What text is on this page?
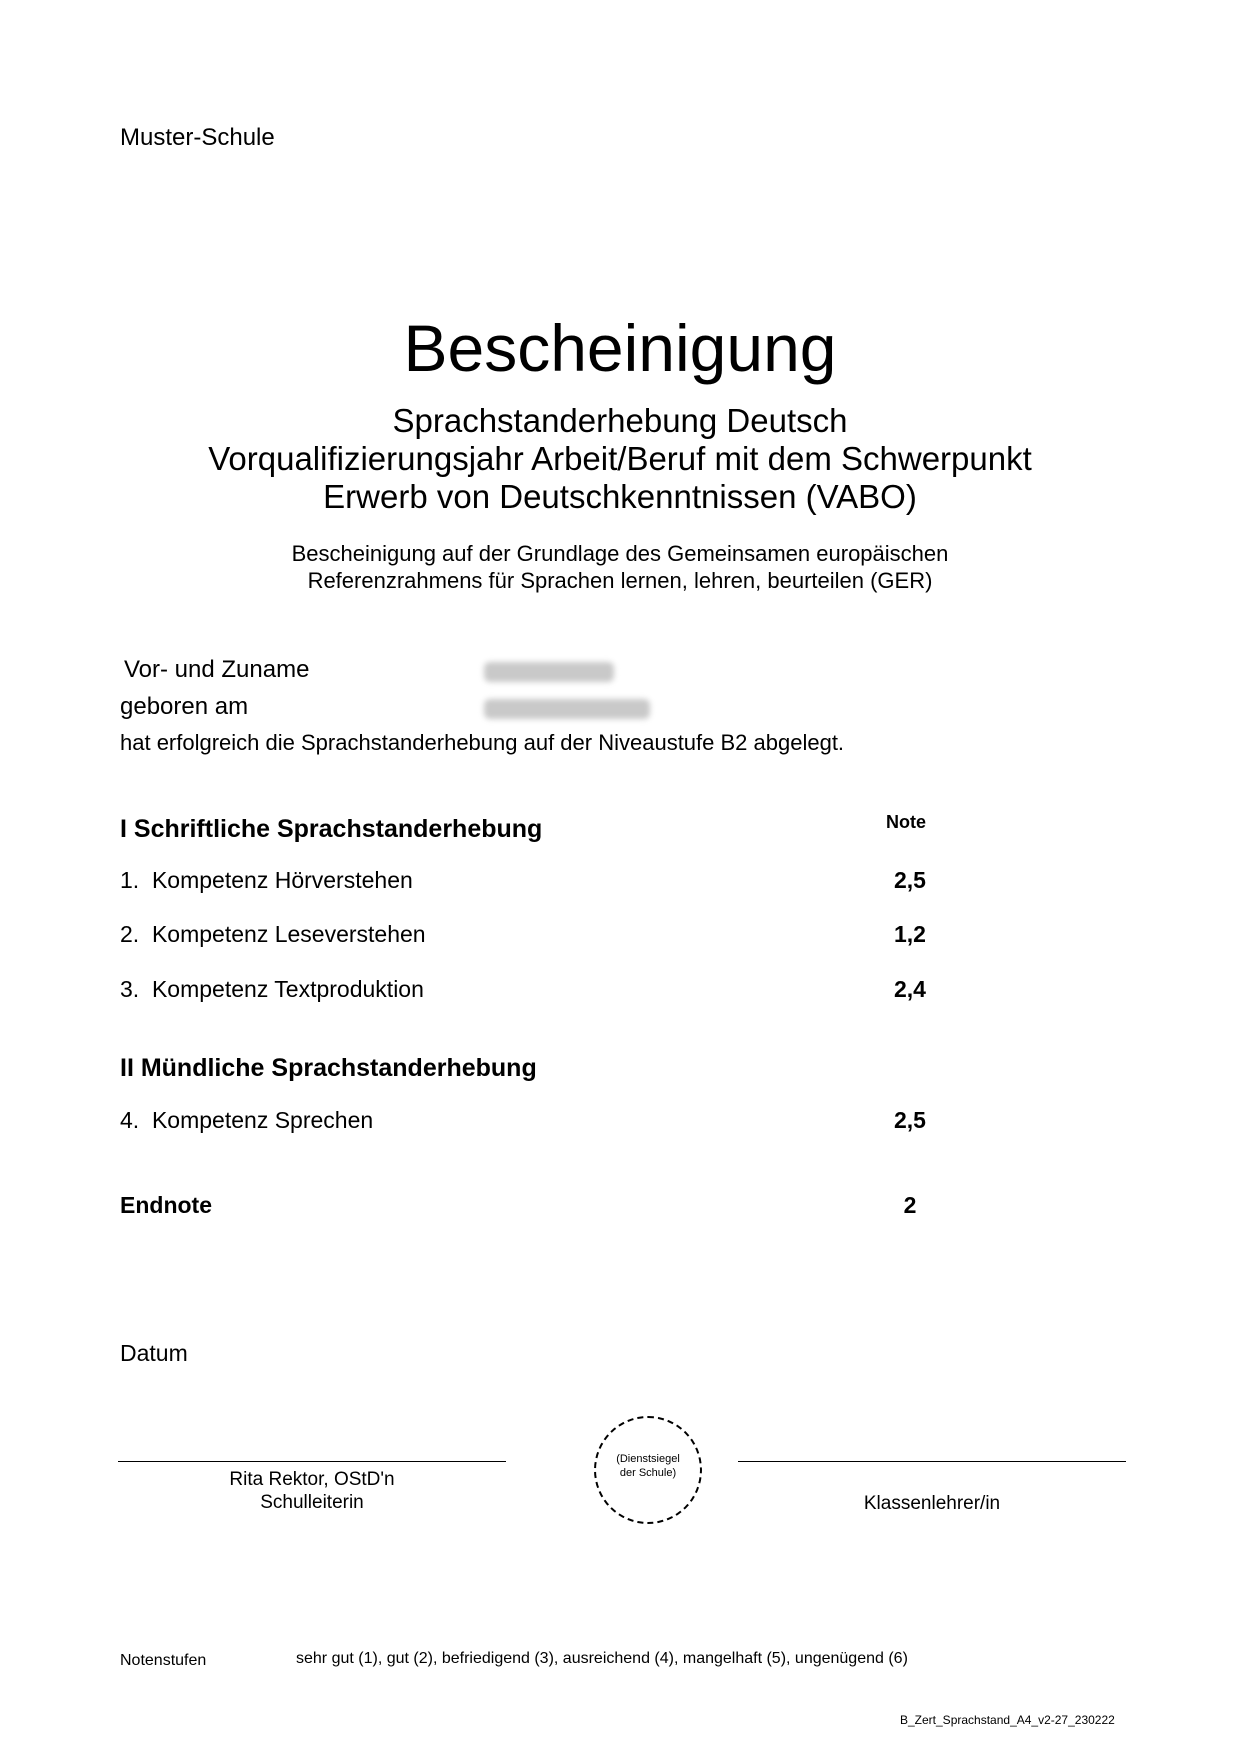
Muster-Schule
Bescheinigung
Sprachstanderhebung Deutsch
Vorqualifizierungsjahr Arbeit/Beruf mit dem Schwerpunkt
Erwerb von Deutschkenntnissen (VABO)
Bescheinigung auf der Grundlage des Gemeinsamen europäischen
Referenzrahmens für Sprachen lernen, lehren, beurteilen (GER)
Vor- und Zuname
geboren am
hat erfolgreich die Sprachstanderhebung auf der Niveaustufe B2 abgelegt.
I Schriftliche Sprachstanderhebung	Note
1. Kompetenz Hörverstehen	2,5
2. Kompetenz Leseverstehen	1,2
3. Kompetenz Textproduktion	2,4
II Mündliche Sprachstanderhebung
4. Kompetenz Sprechen	2,5
Endnote	2
Datum
Rita Rektor, OStD'n
Schulleiterin
(Dienstsiegel
der Schule)
Klassenlehrer/in
Notenstufen	sehr gut (1), gut (2), befriedigend (3), ausreichend (4), mangelhaft (5), ungenügend (6)
B_Zert_Sprachstand_A4_v2-27_230222
